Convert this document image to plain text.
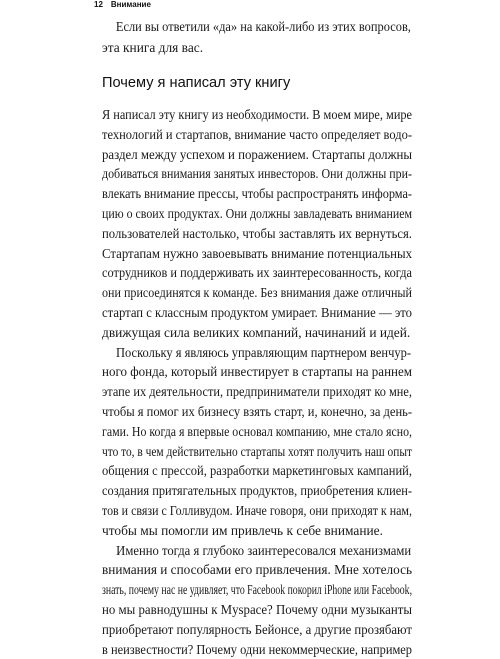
12 Внимание

Если вы ответили «да» на какой-либо из этих вопросов,
эта книга для вас.

Почему я написал эту книгу
Я написал эту книгу из необходимости. В моем мире, мире
технологий и стартапов, внимание часто определяет водо-
раздел между успехом и поражением. Стартапы должны
добиваться внимания занятых инвесторов. Они должны при-
влекать внимание прессы, чтобы распространять информа-
цию о своих продуктах. Они должны завладевать вниманием
пользователей настолько, чтобы заставлять их вернуться.
Стартапам нужно завоевывать внимание потенциальных
сотрудников и поддерживать их заинтересованность, когда
они присоединятся к команде. Без внимания даже отличный
стартап с классным продуктом умирает. Внимание — это
движущая сила великих компаний, начинаний и идей.
Поскольку я являюсь управляющим партнером венчур-
ного фонда, который инвестирует в стартапы на раннем
этапе их деятельности, предприниматели приходят ко мне,
чтобы я помог их бизнесу взять старт, и, конечно, за день-
гами. Но когда я впервые основал компанию, мне стало ясно,
что то, в чем действительно стартапы хотят получить наш опыт
общения с прессой, разработки маркетинговых кампаний,
создания притягательных продуктов, приобретения клиен-
тов и связи с Голливудом. Иначе говоря, они приходят к нам,
чтобы мы помогли им привлечь к себе внимание.
Именно тогда я глубоко заинтересовался механизмами
внимания и способами его привлечения. Мне хотелось
знать, почему нас не удивляет, что Facebook покорил iPhone или Facebook,
но мы равнодушны к Myspace? Почему одни музыканты
приобретают популярность Бейонсе, а другие прозябают
в неизвестности? Почему одни некоммерческие, например
